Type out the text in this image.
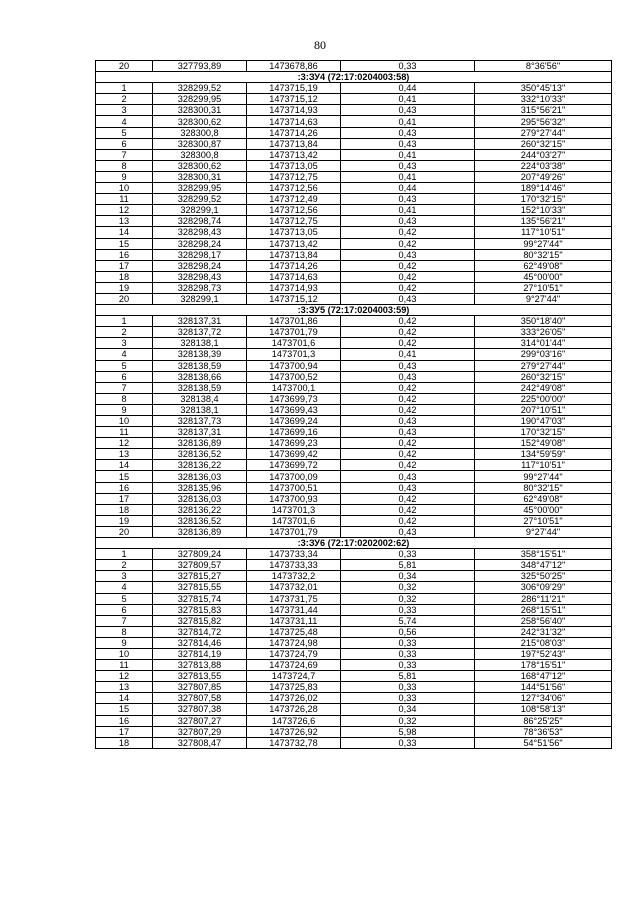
80
20	327793,89	1473678,86	0,33	8°36'56"
:3:ЗУ4 (72:17:0204003:58)				
1	328299,52	1473715,19	0,44	350°45'13"
2	328299,95	1473715,12	0,41	332°10'33"
3	328300,31	1473714,93	0,43	315°56'21"
4	328300,62	1473714,63	0,41	295°56'32"
5	328300,8	1473714,26	0,43	279°27'44"
6	328300,87	1473713,84	0,43	260°32'15"
7	328300,8	1473713,42	0,41	244°03'27"
8	328300,62	1473713,05	0,43	224°03'38"
9	328300,31	1473712,75	0,41	207°49'26"
10	328299,95	1473712,56	0,44	189°14'46"
11	328299,52	1473712,49	0,43	170°32'15"
12	328299,1	1473712,56	0,41	152°10'33"
13	328298,74	1473712,75	0,43	135°56'21"
14	328298,43	1473713,05	0,42	117°10'51"
15	328298,24	1473713,42	0,42	99°27'44"
16	328298,17	1473713,84	0,43	80°32'15"
17	328298,24	1473714,26	0,42	62°49'08"
18	328298,43	1473714,63	0,42	45°00'00"
19	328298,73	1473714,93	0,42	27°10'51"
20	328299,1	1473715,12	0,43	9°27'44"
:3:ЗУ5 (72:17:0204003:59)				
1	328137,31	1473701,86	0,42	350°18'40"
2	328137,72	1473701,79	0,42	333°26'05"
3	328138,1	1473701,6	0,42	314°01'44"
4	328138,39	1473701,3	0,41	299°03'16"
5	328138,59	1473700,94	0,43	279°27'44"
6	328138,66	1473700,52	0,43	260°32'15"
7	328138,59	1473700,1	0,42	242°49'08"
8	328138,4	1473699,73	0,42	225°00'00"
9	328138,1	1473699,43	0,42	207°10'51"
10	328137,73	1473699,24	0,43	190°47'03"
11	328137,31	1473699,16	0,43	170°32'15"
12	328136,89	1473699,23	0,42	152°49'08"
13	328136,52	1473699,42	0,42	134°59'59"
14	328136,22	1473699,72	0,42	117°10'51"
15	328136,03	1473700,09	0,43	99°27'44"
16	328135,96	1473700,51	0,43	80°32'15"
17	328136,03	1473700,93	0,42	62°49'08"
18	328136,22	1473701,3	0,42	45°00'00"
19	328136,52	1473701,6	0,42	27°10'51"
20	328136,89	1473701,79	0,43	9°27'44"
:3:ЗУ6 (72:17:0202002:62)				
1	327809,24	1473733,34	0,33	358°15'51"
2	327809,57	1473733,33	5,81	348°47'12"
3	327815,27	1473732,2	0,34	325°50'25"
4	327815,55	1473732,01	0,32	306°09'29"
5	327815,74	1473731,75	0,32	286°11'21"
6	327815,83	1473731,44	0,33	268°15'51"
7	327815,82	1473731,11	5,74	258°56'40"
8	327814,72	1473725,48	0,56	242°31'32"
9	327814,46	1473724,98	0,33	215°08'03"
10	327814,19	1473724,79	0,33	197°52'43"
11	327813,88	1473724,69	0,33	178°15'51"
12	327813,55	1473724,7	5,81	168°47'12"
13	327807,85	1473725,83	0,33	144°51'56"
14	327807,58	1473726,02	0,33	127°34'06"
15	327807,38	1473726,28	0,34	108°58'13"
16	327807,27	1473726,6	0,32	86°25'25"
17	327807,29	1473726,92	5,98	78°36'53"
18	327808,47	1473732,78	0,33	54°51'56"
